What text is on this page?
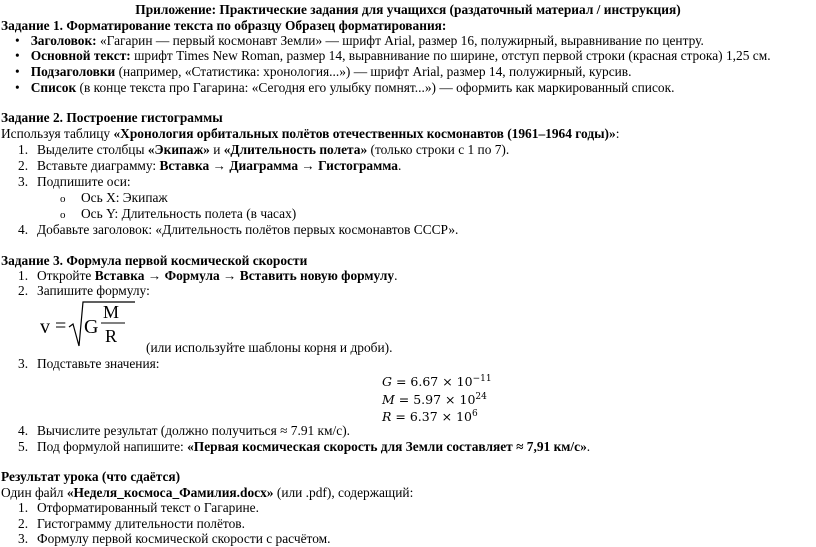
Приложение: Практические задания для учащихся (раздаточный материал / инструкция)
Задание 1. Форматирование текста по образцу Образец форматирования:
• Заголовок: «Гагарин — первый космонавт Земли» — шрифт Arial, размер 16, полужирный, выравнивание по центру.
• Основной текст: шрифт Times New Roman, размер 14, выравнивание по ширине, отступ первой строки (красная строка) 1,25 см.
• Подзаголовки (например, «Статистика: хронология...») — шрифт Arial, размер 14, полужирный, курсив.
• Список (в конце текста про Гагарина: «Сегодня его улыбку помнят...») — оформить как маркированный список.
Задание 2. Построение гистограммы
Используя таблицу «Хронология орбитальных полётов отечественных космонавтов (1961–1964 годы)»:
1. Выделите столбцы «Экипаж» и «Длительность полета» (только строки с 1 по 7).
2. Вставьте диаграмму: Вставка → Диаграмма → Гистограмма.
3. Подпишите оси:
o Ось X: Экипаж
o Ось Y: Длительность полета (в часах)
4. Добавьте заголовок: «Длительность полётов первых космонавтов СССР».
Задание 3. Формула первой космической скорости
1. Откройте Вставка → Формула → Вставить новую формулу.
2. Запишите формулу:
v = G
M
R
(или используйте шаблоны корня и дроби).
3. Подставьте значения:
$G = 6.67 \times 10^{-11}$
$M = 5.97 \times 10^{24}$
$R = 6.37 \times 10^6$
4. Вычислите результат (должно получиться ≈ 7.91 км/с).
5. Под формулой напишите: «Первая космическая скорость для Земли составляет ≈ 7,91 км/с».
Результат урока (что сдаётся)
Один файл «Неделя_космоса_Фамилия.docx» (или .pdf), содержащий:
1. Отформатированный текст о Гагарине.
2. Гистограмму длительности полётов.
3. Формулу первой космической скорости с расчётом.
